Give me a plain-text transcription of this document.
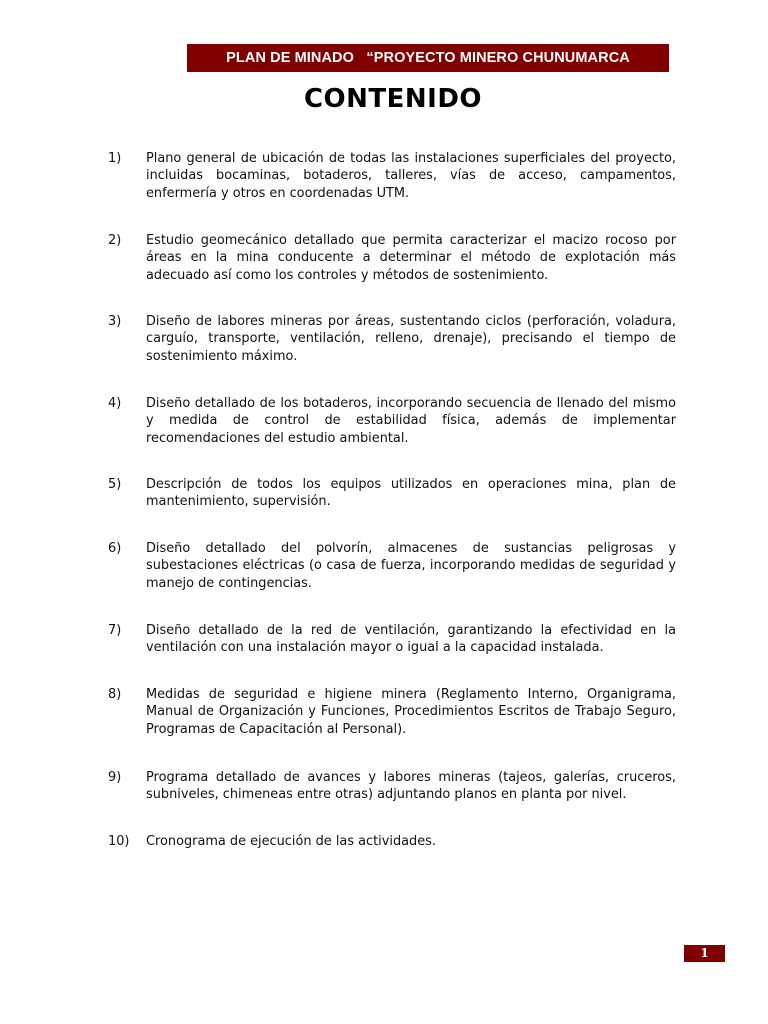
PLAN DE MINADO   “PROYECTO MINERO CHUNUMARCA
CONTENIDO
1) Plano general de ubicación de todas las instalaciones superficiales del proyecto, incluidas bocaminas, botaderos, talleres, vías de acceso, campamentos, enfermería y otros en coordenadas UTM.
2) Estudio geomecánico detallado que permita caracterizar el macizo rocoso por áreas en la mina conducente a determinar el método de explotación más adecuado así como los controles y métodos de sostenimiento.
3) Diseño de labores mineras por áreas, sustentando ciclos (perforación, voladura, carguío, transporte, ventilación, relleno, drenaje), precisando el tiempo de sostenimiento máximo.
4) Diseño detallado de los botaderos, incorporando secuencia de llenado del mismo y medida de control de estabilidad física, además de implementar recomendaciones del estudio ambiental.
5) Descripción de todos los equipos utilizados en operaciones mina, plan de mantenimiento, supervisión.
6) Diseño detallado del polvorín, almacenes de sustancias peligrosas y subestaciones eléctricas (o casa de fuerza, incorporando medidas de seguridad y manejo de contingencias.
7) Diseño detallado de la red de ventilación, garantizando la efectividad en la ventilación con una instalación mayor o igual a la capacidad instalada.
8) Medidas de seguridad e higiene minera (Reglamento Interno, Organigrama, Manual de Organización y Funciones, Procedimientos Escritos de Trabajo Seguro, Programas de Capacitación al Personal).
9) Programa detallado de avances y labores mineras (tajeos, galerías, cruceros, subniveles, chimeneas entre otras) adjuntando planos en planta por nivel.
10) Cronograma de ejecución de las actividades.
1
